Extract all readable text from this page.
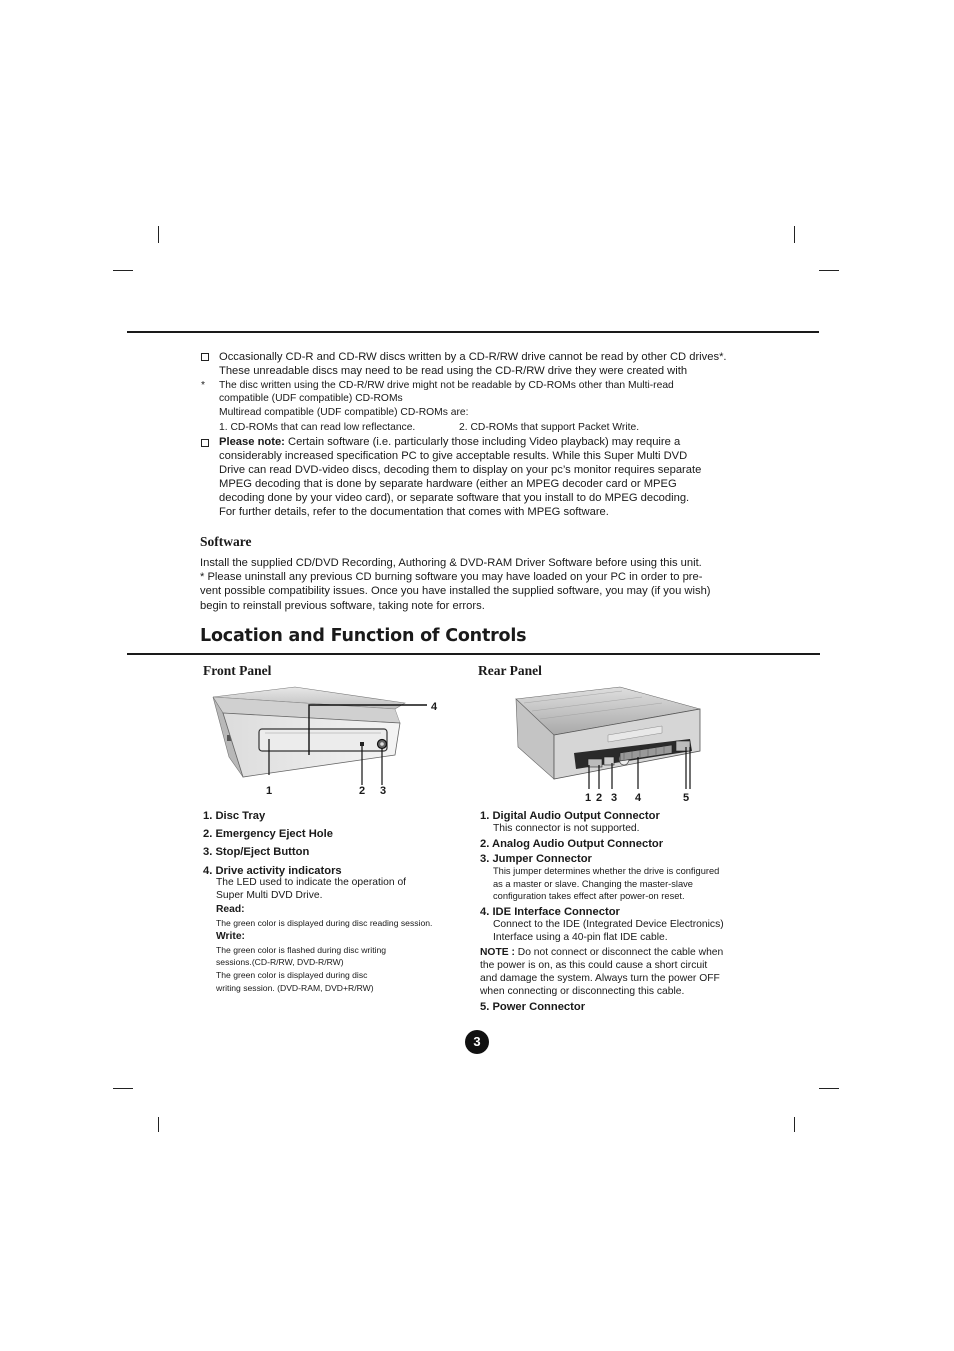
Occasionally CD-R and CD-RW discs written by a CD-R/RW drive cannot be read by other CD drives*.
These unreadable discs may need to be read using the CD-R/RW drive they were created with
* The disc written using the CD-R/RW drive might not be readable by CD-ROMs other than Multi-read
compatible (UDF compatible) CD-ROMs
Multiread compatible (UDF compatible) CD-ROMs are:
1. CD-ROMs that can read low reflectance.	2. CD-ROMs that support Packet Write.
Please note: Certain software (i.e. particularly those including Video playback) may require a
considerably increased specification PC to give acceptable results. While this Super Multi DVD
Drive can read DVD-video discs, decoding them to display on your pc’s monitor requires separate
MPEG decoding that is done by separate hardware (either an MPEG decoder card or MPEG
decoding done by your video card), or separate software that you install to do MPEG decoding.
For further details, refer to the documentation that comes with MPEG software.
Software
Install the supplied CD/DVD Recording, Authoring & DVD-RAM Driver Software before using this unit.
* Please uninstall any previous CD burning software you may have loaded on your PC in order to pre-
vent possible compatibility issues. Once you have installed the supplied software, you may (if you wish)
begin to reinstall previous software, taking note for errors.
Location and Function of Controls
Front Panel	Rear Panel
1	2 3
4
1. Disc Tray
2. Emergency Eject Hole
3. Stop/Eject Button
4. Drive activity indicators
The LED used to indicate the operation of
Super Multi DVD Drive.
Read:
The green color is displayed during disc reading session.
Write:
The green color is flashed during disc writing
sessions.(CD-R/RW, DVD-R/RW)
The green color is displayed during disc
writing session. (DVD-RAM, DVD+R/RW)
1 2 3 4	5
1. Digital Audio Output Connector
This connector is not supported.
2. Analog Audio Output Connector
3. Jumper Connector
This jumper determines whether the drive is configured
as a master or slave. Changing the master-slave
configuration takes effect after power-on reset.
4. IDE Interface Connector
Connect to the IDE (Integrated Device Electronics)
Interface using a 40-pin flat IDE cable.
NOTE : Do not connect or disconnect the cable when
the power is on, as this could cause a short circuit
and damage the system. Always turn the power OFF
when connecting or disconnecting this cable.
5. Power Connector
3
